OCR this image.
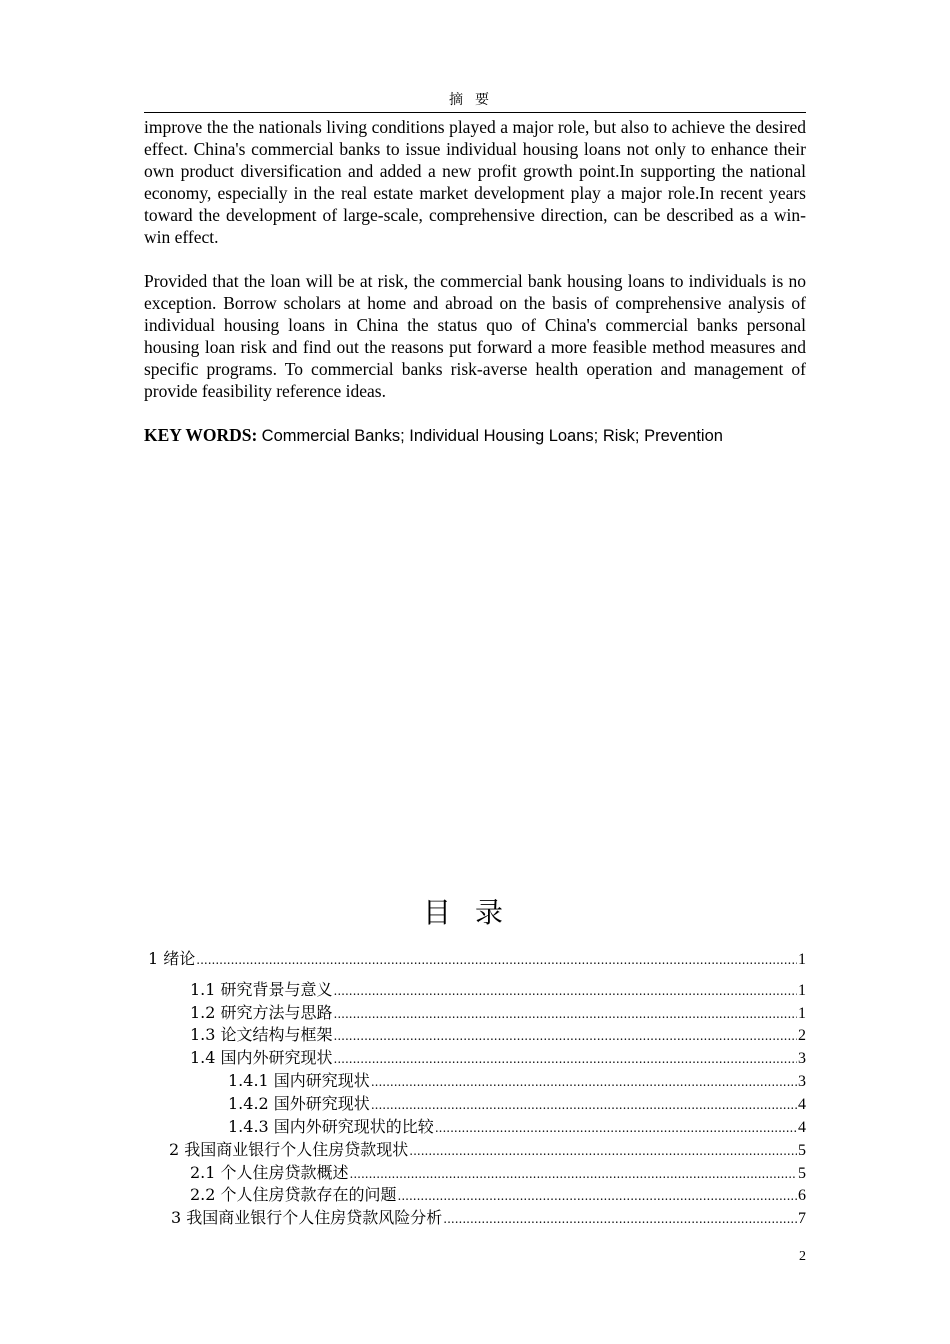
摘要

improve the the nationals living conditions played a major role, but also to achieve the desired effect. China's commercial banks to issue individual housing loans not only to enhance their own product diversification and added a new profit growth point.In supporting the national economy, especially in the real estate market development play a major role.In recent years toward the development of large-scale, comprehensive direction, can be described as a win-win effect.

Provided that the loan will be at risk, the commercial bank housing loans to individuals is no exception. Borrow scholars at home and abroad on the basis of comprehensive analysis of individual housing loans in China the status quo of China's commercial banks personal housing loan risk and find out the reasons put forward a more feasible method measures and specific programs. To commercial banks risk-averse health operation and management of provide feasibility reference ideas.

KEY WORDS: Commercial Banks; Individual Housing Loans; Risk; Prevention

目录
1 绪论 .....	1
1.1 研究背景与意义 .....	1
1.2 研究方法与思路 .....	1
1.3 论文结构与框架 .....	2
1.4 国内外研究现状 .....	3
1.4.1 国内研究现状 .....	3
1.4.2 国外研究现状 .....	4
1.4.3 国内外研究现状的比较 .....	4
2 我国商业银行个人住房贷款现状 .....	5
2.1 个人住房贷款概述 .....	5
2.2 个人住房贷款存在的问题 .....	6
3 我国商业银行个人住房贷款风险分析 .....	7
2
